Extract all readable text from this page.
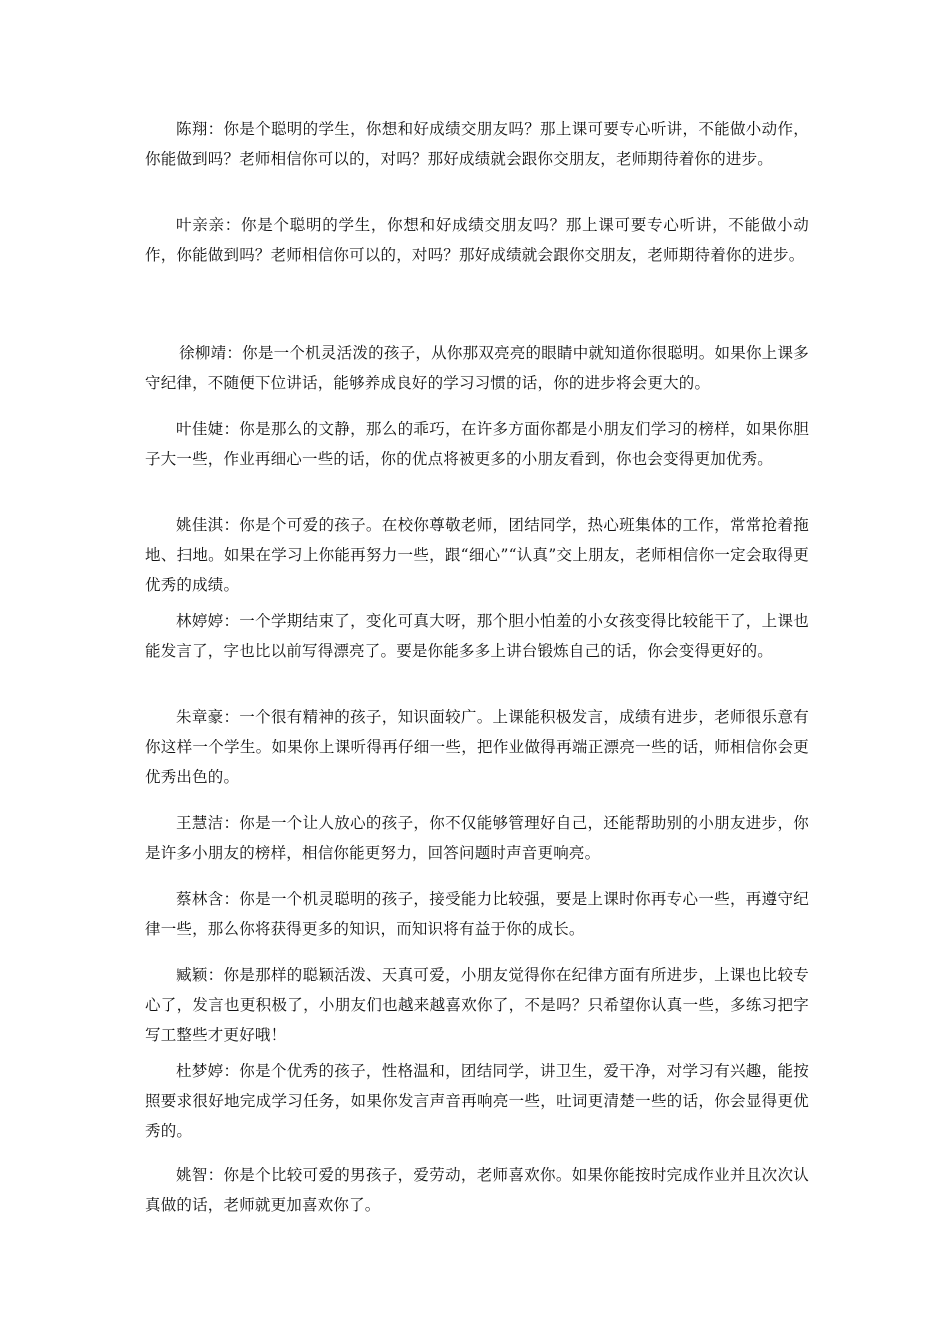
陈翔：你是个聪明的学生，你想和好成绩交朋友吗？那上课可要专心听讲，不能做小动作，你能做到吗？老师相信你可以的，对吗？那好成绩就会跟你交朋友，老师期待着你的进步。

叶亲亲：你是个聪明的学生，你想和好成绩交朋友吗？那上课可要专心听讲，不能做小动作，你能做到吗？老师相信你可以的，对吗？那好成绩就会跟你交朋友，老师期待着你的进步。

徐柳靖：你是一个机灵活泼的孩子，从你那双亮亮的眼睛中就知道你很聪明。如果你上课多守纪律，不随便下位讲话，能够养成良好的学习习惯的话，你的进步将会更大的。

叶佳婕：你是那么的文静，那么的乖巧，在许多方面你都是小朋友们学习的榜样，如果你胆子大一些，作业再细心一些的话，你的优点将被更多的小朋友看到，你也会变得更加优秀。

姚佳淇：你是个可爱的孩子。在校你尊敬老师，团结同学，热心班集体的工作，常常抢着拖地、扫地。如果在学习上你能再努力一些，跟“细心”“认真”交上朋友，老师相信你一定会取得更优秀的成绩。

林婷婷：一个学期结束了，变化可真大呀，那个胆小怕羞的小女孩变得比较能干了，上课也能发言了，字也比以前写得漂亮了。要是你能多多上讲台锻炼自己的话，你会变得更好的。

朱章豪：一个很有精神的孩子，知识面较广。上课能积极发言，成绩有进步，老师很乐意有你这样一个学生。如果你上课听得再仔细一些，把作业做得再端正漂亮一些的话，师相信你会更优秀出色的。

王慧洁：你是一个让人放心的孩子，你不仅能够管理好自己，还能帮助别的小朋友进步，你是许多小朋友的榜样，相信你能更努力，回答问题时声音更响亮。

蔡林含：你是一个机灵聪明的孩子，接受能力比较强，要是上课时你再专心一些，再遵守纪律一些，那么你将获得更多的知识，而知识将有益于你的成长。

臧颖：你是那样的聪颖活泼、天真可爱，小朋友觉得你在纪律方面有所进步，上课也比较专心了，发言也更积极了，小朋友们也越来越喜欢你了，不是吗？只希望你认真一些，多练习把字写工整些才更好哦！

杜梦婷：你是个优秀的孩子，性格温和，团结同学，讲卫生，爱干净，对学习有兴趣，能按照要求很好地完成学习任务，如果你发言声音再响亮一些，吐词更清楚一些的话，你会显得更优秀的。

姚智：你是个比较可爱的男孩子，爱劳动，老师喜欢你。如果你能按时完成作业并且次次认真做的话，老师就更加喜欢你了。
